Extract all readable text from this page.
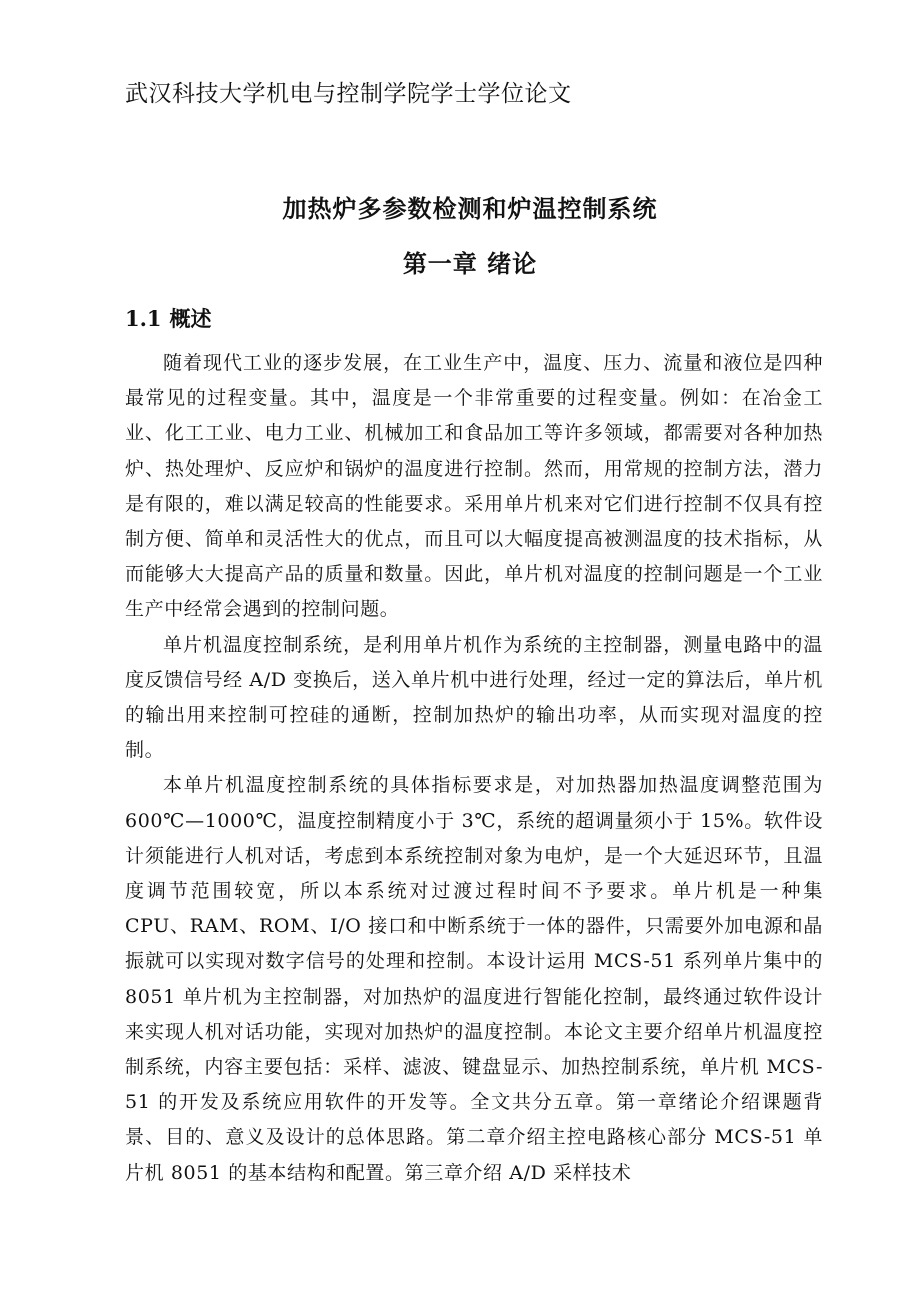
武汉科技大学机电与控制学院学士学位论文
加热炉多参数检测和炉温控制系统
第一章 绪论
1.1 概述

随着现代工业的逐步发展，在工业生产中，温度、压力、流量和液位是四种最常见的过程变量。其中，温度是一个非常重要的过程变量。例如：在冶金工业、化工工业、电力工业、机械加工和食品加工等许多领域，都需要对各种加热炉、热处理炉、反应炉和锅炉的温度进行控制。然而，用常规的控制方法，潜力是有限的，难以满足较高的性能要求。采用单片机来对它们进行控制不仅具有控制方便、简单和灵活性大的优点，而且可以大幅度提高被测温度的技术指标，从而能够大大提高产品的质量和数量。因此，单片机对温度的控制问题是一个工业生产中经常会遇到的控制问题。

单片机温度控制系统，是利用单片机作为系统的主控制器，测量电路中的温度反馈信号经 A/D 变换后，送入单片机中进行处理，经过一定的算法后，单片机的输出用来控制可控硅的通断，控制加热炉的输出功率，从而实现对温度的控制。

本单片机温度控制系统的具体指标要求是，对加热器加热温度调整范围为 600℃—1000℃，温度控制精度小于 3℃，系统的超调量须小于 15%。软件设计须能进行人机对话，考虑到本系统控制对象为电炉，是一个大延迟环节，且温度调节范围较宽，所以本系统对过渡过程时间不予要求。单片机是一种集 CPU、RAM、ROM、I/O 接口和中断系统于一体的器件，只需要外加电源和晶振就可以实现对数字信号的处理和控制。本设计运用 MCS-51 系列单片集中的 8051 单片机为主控制器，对加热炉的温度进行智能化控制，最终通过软件设计来实现人机对话功能，实现对加热炉的温度控制。本论文主要介绍单片机温度控制系统，内容主要包括：采样、滤波、键盘显示、加热控制系统，单片机 MCS-51 的开发及系统应用软件的开发等。全文共分五章。第一章绪论介绍课题背景、目的、意义及设计的总体思路。第二章介绍主控电路核心部分 MCS-51 单片机 8051 的基本结构和配置。第三章介绍 A/D 采样技术
